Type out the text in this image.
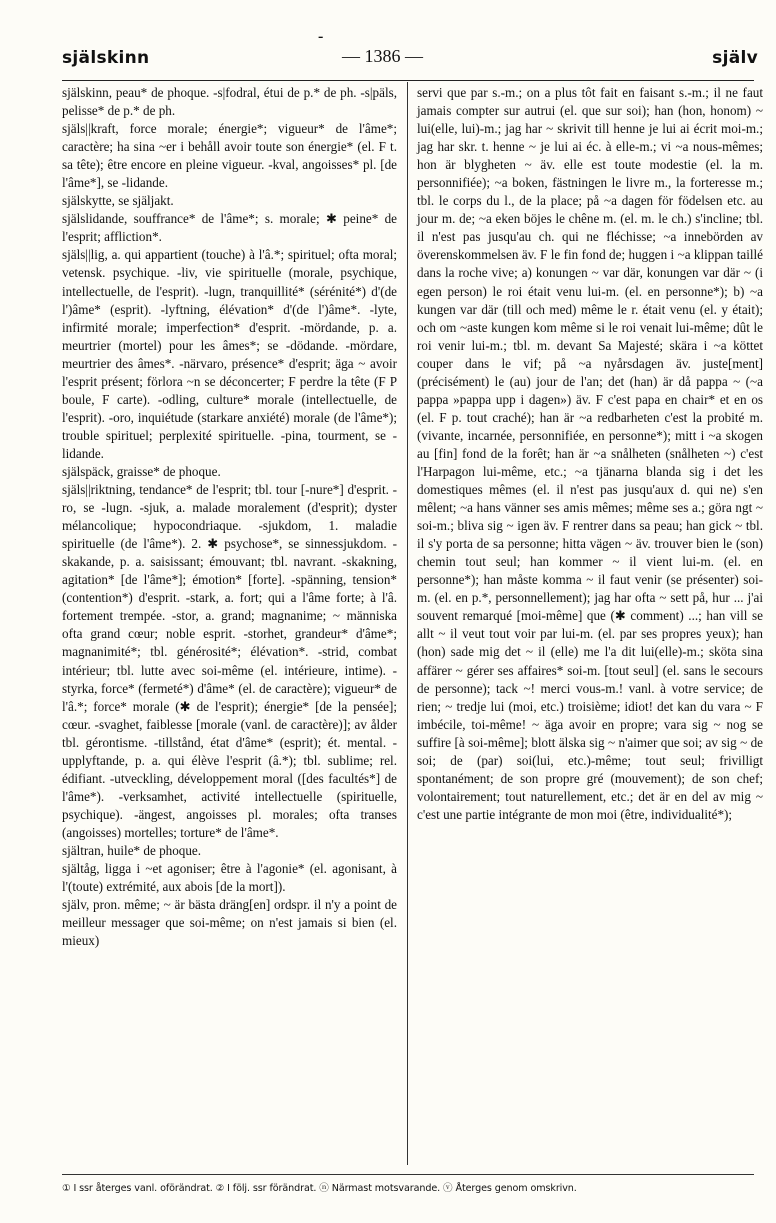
själskinn
-
— 1386 —	själv

själskinn, peau* de phoque. -s|fodral, étui de p.* de ph. -s|päls, pelisse* de p.* de ph.

själs||kraft, force morale; énergie*; vigueur* de l'âme*; caractère; ha sina ~er i behåll avoir toute son énergie* (el. F t. sa tête); être encore en pleine vigueur. -kval, angoisses* pl. [de l'âme*], se -lidande.

själskytte, se själjakt.

själslidande, souffrance* de l'âme*; s. morale; ✱ peine* de l'esprit; affliction*.

själs||lig, a. qui appartient (touche) à l'â.*; spirituel; ofta moral; vetensk. psychique. -liv, vie spirituelle (morale, psychique, intellectuelle, de l'esprit). -lugn, tranquillité* (sérénité*) d'(de l')âme* (esprit). -lyftning, élévation* d'(de l')âme*. -lyte, infirmité morale; imperfection* d'esprit. -mördande, p. a. meurtrier (mortel) pour les âmes*; se -dödande. -mördare, meurtrier des âmes*. -närvaro, présence* d'esprit; äga ~ avoir l'esprit présent; förlora ~n se déconcerter; F perdre la tête (F P boule, F carte). -odling, culture* morale (intellectuelle, de l'esprit). -oro, inquiétude (starkare anxiété) morale (de l'âme*); trouble spirituel; perplexité spirituelle. -pina, tourment, se -lidande.

själspäck, graisse* de phoque.

själs||riktning, tendance* de l'esprit; tbl. tour [-nure*] d'esprit. -ro, se -lugn. -sjuk, a. malade moralement (d'esprit); dyster mélancolique; hypocondriaque. -sjukdom, 1. maladie spirituelle (de l'âme*). 2. ✱ psychose*, se sinnessjukdom. -skakande, p. a. saisissant; émouvant; tbl. navrant. -skakning, agitation* [de l'âme*]; émotion* [forte]. -spänning, tension* (contention*) d'esprit. -stark, a. fort; qui a l'âme forte; à l'â. fortement trempée. -stor, a. grand; magnanime; ~ människa ofta grand cœur; noble esprit. -storhet, grandeur* d'âme*; magnanimité*; tbl. générosité*; élévation*. -strid, combat intérieur; tbl. lutte avec soi-même (el. intérieure, intime). -styrka, force* (fermeté*) d'âme* (el. de caractère); vigueur* de l'â.*; force* morale (✱ de l'esprit); énergie* [de la pensée]; cœur. -svaghet, faiblesse [morale (vanl. de caractère)]; av ålder tbl. gérontisme. -tillstånd, état d'âme* (esprit); ét. mental. -upplyftande, p. a. qui élève l'esprit (â.*); tbl. sublime; rel. édifiant. -utveckling, développement moral ([des facultés*] de l'âme*). -verksamhet, activité intellectuelle (spirituelle, psychique). -ängest, angoisses pl. morales; ofta transes (angoisses) mortelles; torture* de l'âme*.

själtran, huile* de phoque.

själtåg, ligga i ~et agoniser; être à l'agonie* (el. agonisant, à l'(toute) extrémité, aux abois [de la mort]).

själv, pron. même; ~ är bästa dräng[en] ordspr. il n'y a point de meilleur messager que soi-même; on n'est jamais si bien (el. mieux)

servi que par s.-m.; on a plus tôt fait en faisant s.-m.; il ne faut jamais compter sur autrui (el. que sur soi); han (hon, honom) ~ lui(elle, lui)-m.; jag har ~ skrivit till henne je lui ai écrit moi-m.; jag har skr. t. henne ~ je lui ai éc. à elle-m.; vi ~a nous-mêmes; hon är blygheten ~ äv. elle est toute modestie (el. la m. personnifiée); ~a boken, fästningen le livre m., la forteresse m.; tbl. le corps du l., de la place; på ~a dagen för födelsen etc. au jour m. de; ~a eken böjes le chêne m. (el. m. le ch.) s'incline; tbl. il n'est pas jusqu'au ch. qui ne fléchisse; ~a innebörden av överenskommelsen äv. F le fin fond de; huggen i ~a klippan taillé dans la roche vive; a) konungen ~ var där, konungen var där ~ (i egen person) le roi était venu lui-m. (el. en personne*); b) ~a kungen var där (till och med) même le r. était venu (el. y était); och om ~aste kungen kom même si le roi venait lui-même; dût le roi venir lui-m.; tbl. m. devant Sa Majesté; skära i ~a köttet couper dans le vif; på ~a nyårsdagen äv. juste[ment] (précisément) le (au) jour de l'an; det (han) är då pappa ~ (~a pappa »pappa upp i dagen») äv. F c'est papa en chair* et en os (el. F p. tout craché); han är ~a redbarheten c'est la probité m. (vivante, incarnée, personnifiée, en personne*); mitt i ~a skogen au [fin] fond de la forêt; han är ~a snålheten (snålheten ~) c'est l'Harpagon lui-même, etc.; ~a tjänarna blanda sig i det les domestiques mêmes (el. il n'est pas jusqu'aux d. qui ne) s'en mêlent; ~a hans vänner ses amis mêmes; même ses a.; göra ngt ~ soi-m.; bliva sig ~ igen äv. F rentrer dans sa peau; han gick ~ tbl. il s'y porta de sa personne; hitta vägen ~ äv. trouver bien le (son) chemin tout seul; han kommer ~ il vient lui-m. (el. en personne*); han måste komma ~ il faut venir (se présenter) soi-m. (el. en p.*, personnellement); jag har ofta ~ sett på, hur ... j'ai souvent remarqué [moi-même] que (✱ comment) ...; han vill se allt ~ il veut tout voir par lui-m. (el. par ses propres yeux); han (hon) sade mig det ~ il (elle) me l'a dit lui(elle)-m.; sköta sina affärer ~ gérer ses affaires* soi-m. [tout seul] (el. sans le secours de personne); tack ~! merci vous-m.! vanl. à votre service; de rien; ~ tredje lui (moi, etc.) troisième; idiot! det kan du vara ~ F imbécile, toi-même! ~ äga avoir en propre; vara sig ~ nog se suffire [à soi-même]; blott älska sig ~ n'aimer que soi; av sig ~ de soi; de (par) soi(lui, etc.)-même; tout seul; frivilligt spontanément; de son propre gré (mouvement); de son chef; volontairement; tout naturellement, etc.; det är en del av mig ~ c'est une partie intégrante de mon moi (être, individualité*);

① I ssr återges vanl. oförändrat. ② I följ. ssr förändrat. ⓝ Närmast motsvarande. ⓥ Återges genom omskrivn.
